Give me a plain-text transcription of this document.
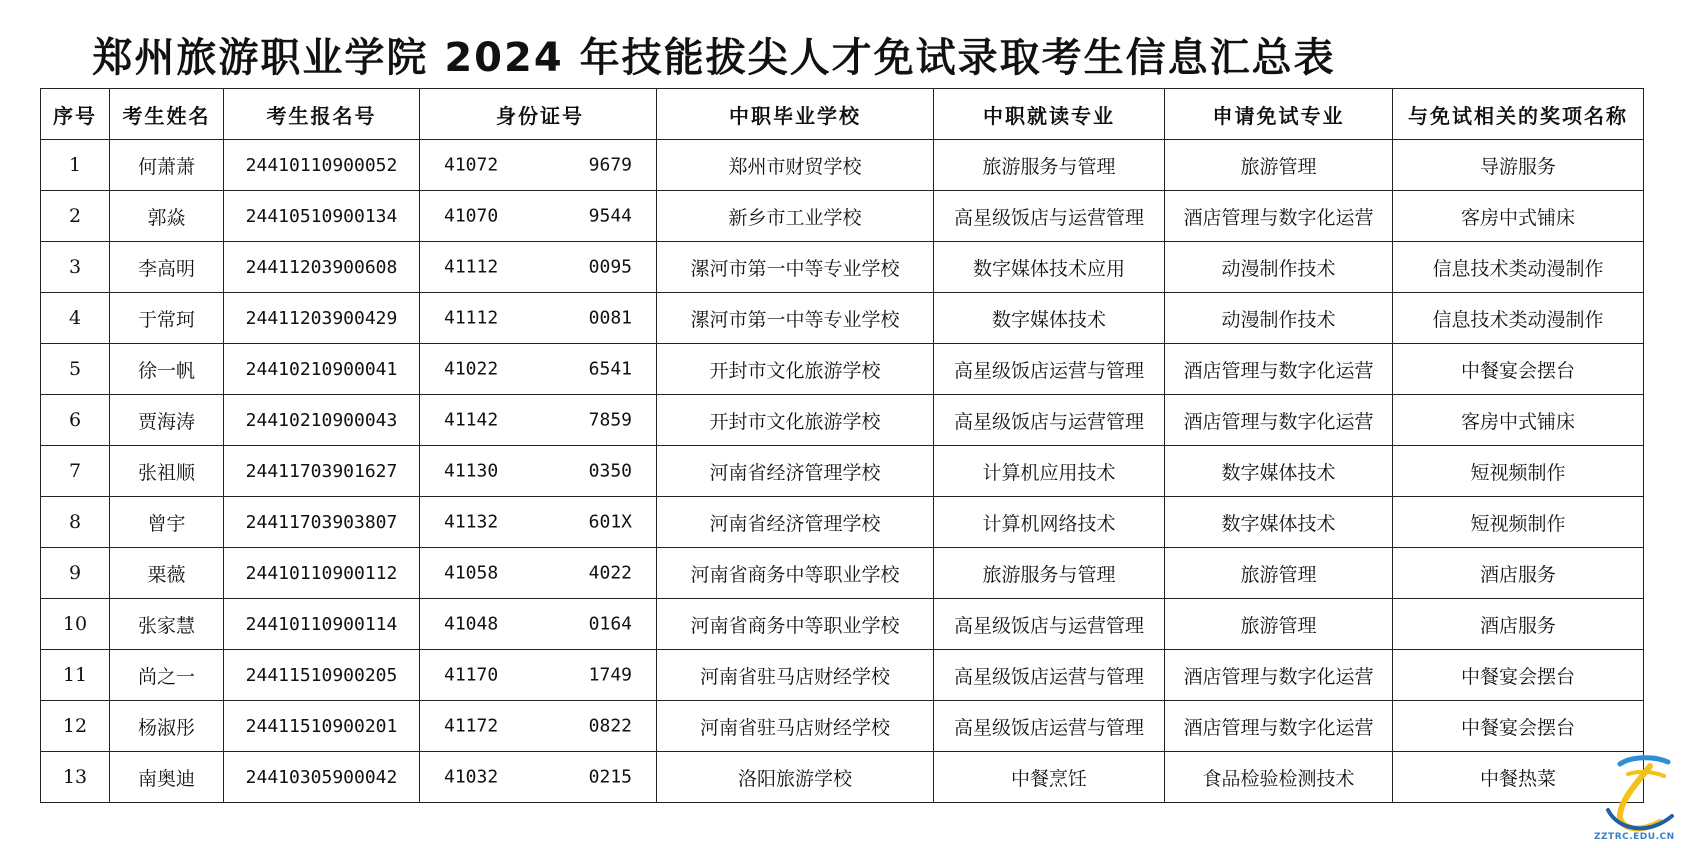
郑州旅游职业学院 2024 年技能拔尖人才免试录取考生信息汇总表
序号	考生姓名	考生报名号	身份证号	中职毕业学校	中职就读专业	申请免试专业	与免试相关的奖项名称
1	何萧萧	24410110900052	41072 9679	郑州市财贸学校	旅游服务与管理	旅游管理	导游服务
2	郭焱	24410510900134	41070 9544	新乡市工业学校	高星级饭店与运营管理	酒店管理与数字化运营	客房中式铺床
3	李高明	24411203900608	41112 0095	漯河市第一中等专业学校	数字媒体技术应用	动漫制作技术	信息技术类动漫制作
4	于常珂	24411203900429	41112 0081	漯河市第一中等专业学校	数字媒体技术	动漫制作技术	信息技术类动漫制作
5	徐一帆	24410210900041	41022 6541	开封市文化旅游学校	高星级饭店运营与管理	酒店管理与数字化运营	中餐宴会摆台
6	贾海涛	24410210900043	41142 7859	开封市文化旅游学校	高星级饭店与运营管理	酒店管理与数字化运营	客房中式铺床
7	张祖顺	24411703901627	41130 0350	河南省经济管理学校	计算机应用技术	数字媒体技术	短视频制作
8	曾宇	24411703903807	41132 601X	河南省经济管理学校	计算机网络技术	数字媒体技术	短视频制作
9	栗薇	24410110900112	41058 4022	河南省商务中等职业学校	旅游服务与管理	旅游管理	酒店服务
10	张家慧	24410110900114	41048 0164	河南省商务中等职业学校	高星级饭店与运营管理	旅游管理	酒店服务
11	尚之一	24411510900205	41170 1749	河南省驻马店财经学校	高星级饭店运营与管理	酒店管理与数字化运营	中餐宴会摆台
12	杨淑彤	24411510900201	41172 0822	河南省驻马店财经学校	高星级饭店运营与管理	酒店管理与数字化运营	中餐宴会摆台
13	南奥迪	24410305900042	41032 0215	洛阳旅游学校	中餐烹饪	食品检验检测技术	中餐热菜
ZZTRC.EDU.CN
